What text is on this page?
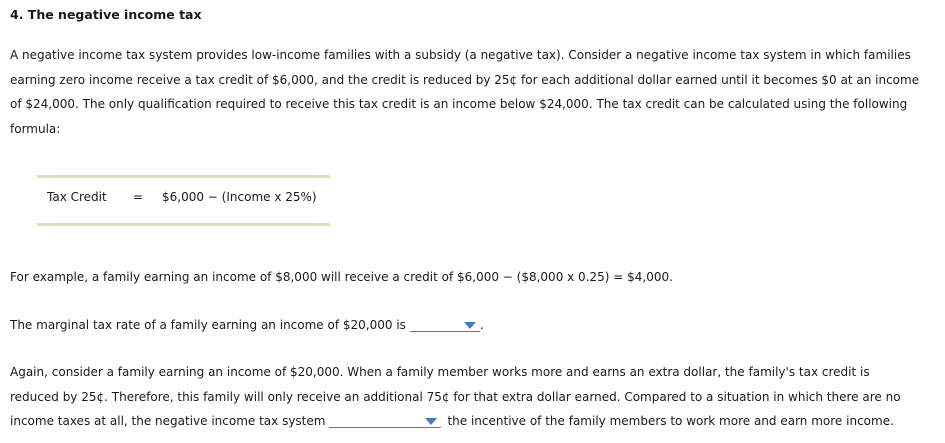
4. The negative income tax
A negative income tax system provides low-income families with a subsidy (a negative tax). Consider a negative income tax system in which families
earning zero income receive a tax credit of $6,000, and the credit is reduced by 25¢ for each additional dollar earned until it becomes $0 at an income
of $24,000. The only qualification required to receive this tax credit is an income below $24,000. The tax credit can be calculated using the following
formula:
Tax Credit = $6,000 − (Income x 25%)
For example, a family earning an income of $8,000 will receive a credit of $6,000 − ($8,000 x 0.25) = $4,000.
The marginal tax rate of a family earning an income of $20,000 is	.
Again, consider a family earning an income of $20,000. When a family member works more and earns an extra dollar, the family's tax credit is
reduced by 25¢. Therefore, this family will only receive an additional 75¢ for that extra dollar earned. Compared to a situation in which there are no
income taxes at all, the negative income tax system	the incentive of the family members to work more and earn more income.
